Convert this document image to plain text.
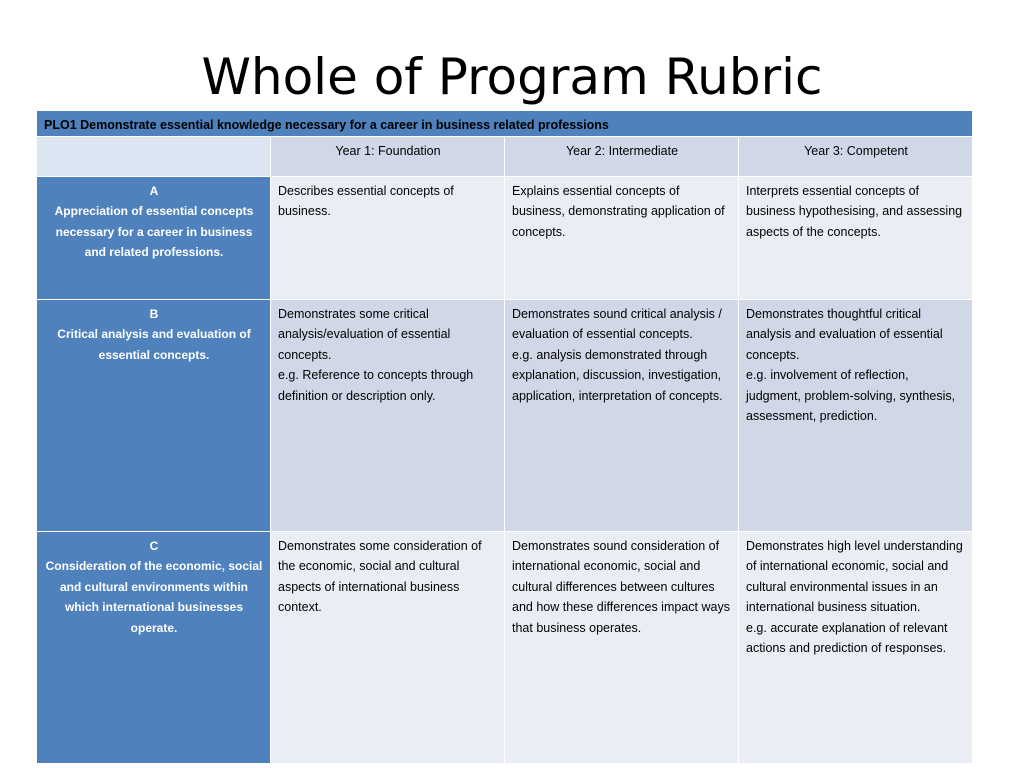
Whole of Program Rubric
PLO1 Demonstrate essential knowledge necessary for a career in business related professions			
	Year 1: Foundation	Year 2: Intermediate	Year 3: Competent

A
Appreciation of essential concepts necessary for a career in business and related professions.	Describes essential concepts of business.	Explains essential concepts of business, demonstrating application of concepts.	Interprets essential concepts of business hypothesising, and assessing aspects of the concepts.

B
Critical analysis and evaluation of essential concepts.	Demonstrates some critical analysis/evaluation of essential concepts.
e.g. Reference to concepts through definition or description only.	Demonstrates sound critical analysis / evaluation of essential concepts.
e.g. analysis demonstrated through explanation, discussion, investigation, application, interpretation of concepts.	Demonstrates thoughtful critical analysis and evaluation of essential concepts.
e.g. involvement of reflection, judgment, problem-solving, synthesis, assessment, prediction.

C
Consideration of the economic, social and cultural environments within which international businesses operate.	Demonstrates some consideration of the economic, social and cultural aspects of international business context.	Demonstrates sound consideration of international economic, social and cultural differences between cultures and how these differences impact ways that business operates.	Demonstrates high level understanding of international economic, social and cultural environmental issues in an international business situation.
e.g. accurate explanation of relevant actions and prediction of responses.
